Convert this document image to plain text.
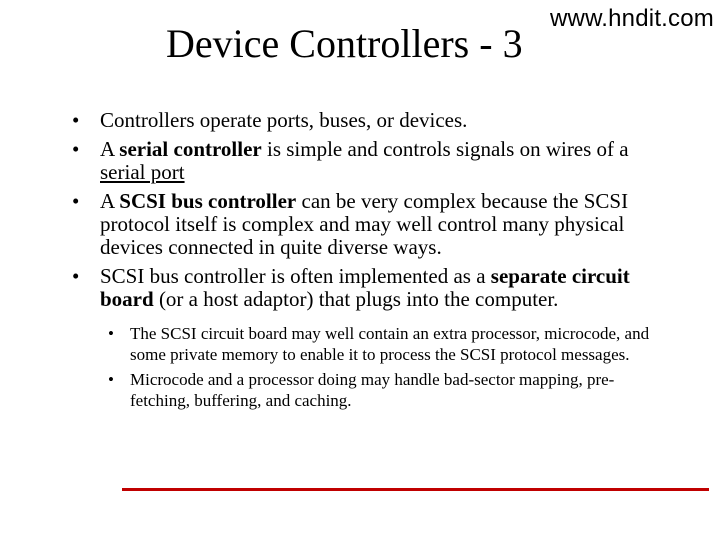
www.hndit.com
Device Controllers - 3
• Controllers operate ports, buses, or devices.
• A serial controller is simple and controls signals on wires of a serial port
• A SCSI bus controller can be very complex because the SCSI protocol itself is complex and may well control many physical devices connected in quite diverse ways.
• SCSI bus controller is often implemented as a separate circuit board (or a host adaptor) that plugs into the computer.
• The SCSI circuit board may well contain an extra processor, microcode, and some private memory to enable it to process the SCSI protocol messages.
• Microcode and a processor doing may handle bad-sector mapping, pre-fetching, buffering, and caching.
